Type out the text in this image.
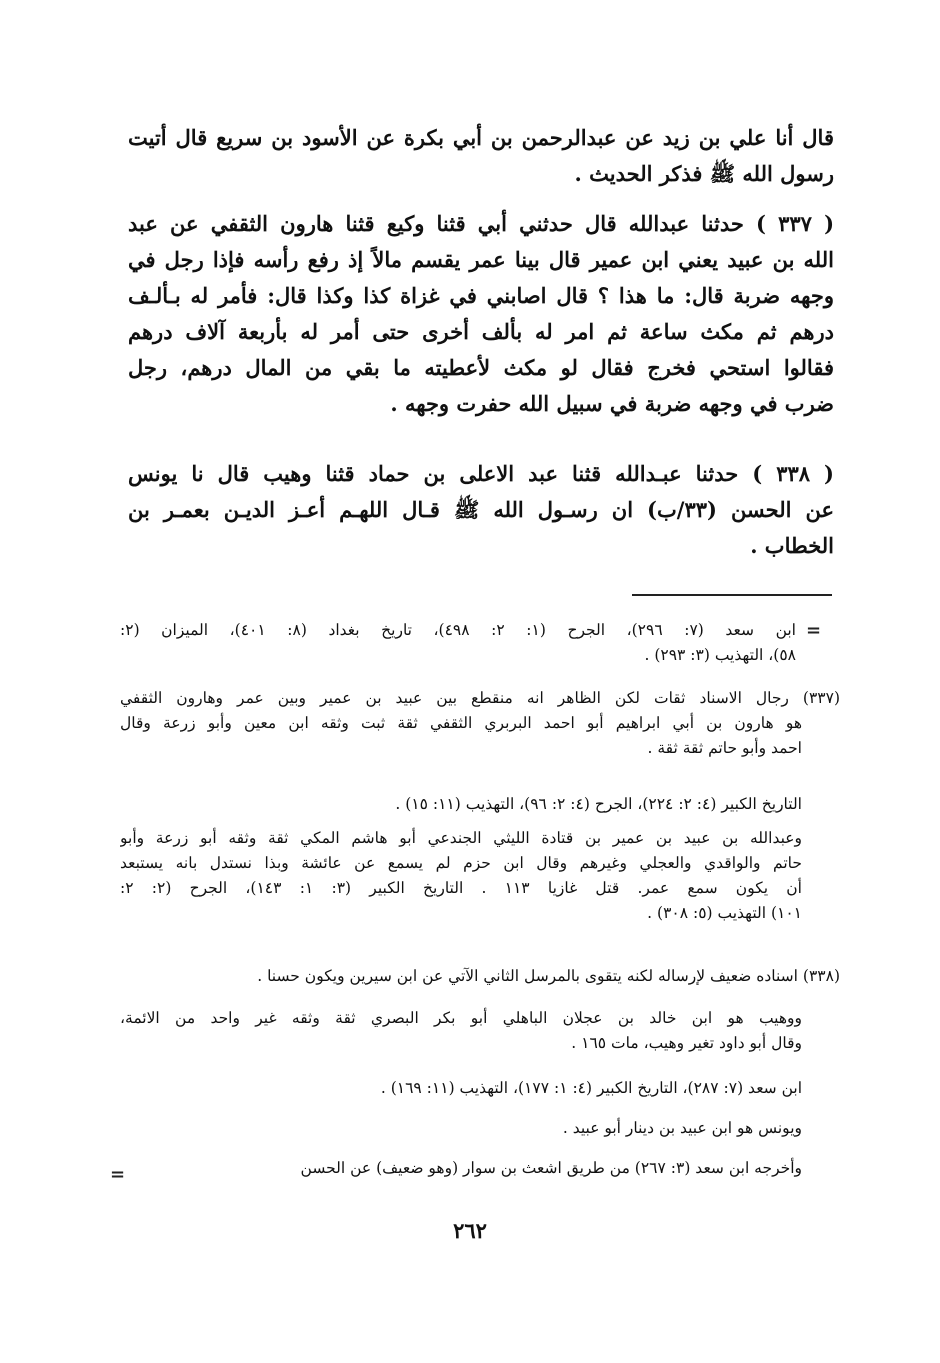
قال أنا علي بن زيد عن عبدالرحمن بن أبي بكرة عن الأسود بن سريع قال أتيت
رسول الله ﷺ فذكر الحديث .
( ٣٣٧ ) حدثنا عبدالله قال حدثني أبي قثنا وكيع قثنا هارون الثقفي عن عبد
الله بن عبيد يعني ابن عمير قال بينا عمر يقسم مالاً إذ رفع رأسه فإذا رجل في
وجهه ضربة قال: ما هذا ؟ قال اصابني في غزاة كذا وكذا قال: فأمر له بـألـف
درهم ثم مكث ساعة ثم امر له بألف أخرى حتى أمر له بأربعة آلاف درهم
فقالوا استحي فخرج فقال لو مكث لأعطيته ما بقي من المال درهم، رجل
ضرب في وجهه ضربة في سبيل الله حفرت وجهه .
( ٣٣٨ ) حدثنا عبـدالله قثنا عبد الاعلى بن حماد قثنا وهيب قال نا يونس
عن الحسن (٣٣/ب) ان رسـول الله ﷺ قـال اللهـم أعـز الديـن بعمـر بن
الخطاب .
=
ابن سعد (٧: ٢٩٦)، الجرح (١: ٢: ٤٩٨)، تاريخ بغداد (٨: ٤٠١)، الميزان (٢:
٥٨)، التهذيب (٣: ٢٩٣) .
(٣٣٧) رجال الاسناد ثقات لكن الظاهر انه منقطع بين عبيد بن عمير وبين عمر وهارون الثقفي
هو هارون بن أبي ابراهيم أبو احمد البربري الثقفي ثقة ثبت وثقه ابن معين وأبو زرعة وقال
احمد وأبو حاتم ثقة ثقة .
التاريخ الكبير (٤: ٢: ٢٢٤)، الجرح (٤: ٢: ٩٦)، التهذيب (١١: ١٥) .
وعبدالله بن عبيد بن عمير بن قتادة الليثي الجندعي أبو هاشم المكي ثقة وثقه أبو زرعة وأبو
حاتم والواقدي والعجلي وغيرهم وقال ابن حزم لم يسمع عن عائشة وبذا نستدل بانه يستبعد
أن يكون سمع عمر. قتل غازيا ١١٣ . التاريخ الكبير (٣: ١: ١٤٣)، الجرح (٢: ٢:
١٠١) التهذيب (٥: ٣٠٨) .
(٣٣٨) اسناده ضعيف لإرساله لكنه يتقوى بالمرسل الثاني الآتي عن ابن سيرين ويكون حسنا .
ووهيب هو ابن خالد بن عجلان الباهلي أبو بكر البصري ثقة وثقه غير واحد من الائمة،
وقال أبو داود تغير وهيب، مات ١٦٥ .
ابن سعد (٧: ٢٨٧)، التاريخ الكبير (٤: ١: ١٧٧)، التهذيب (١١: ١٦٩) .
ويونس هو ابن عبيد بن دينار أبو عبيد .
وأخرجه ابن سعد (٣: ٢٦٧) من طريق اشعث بن سوار (وهو ضعيف) عن الحسن
=
٢٦٢
